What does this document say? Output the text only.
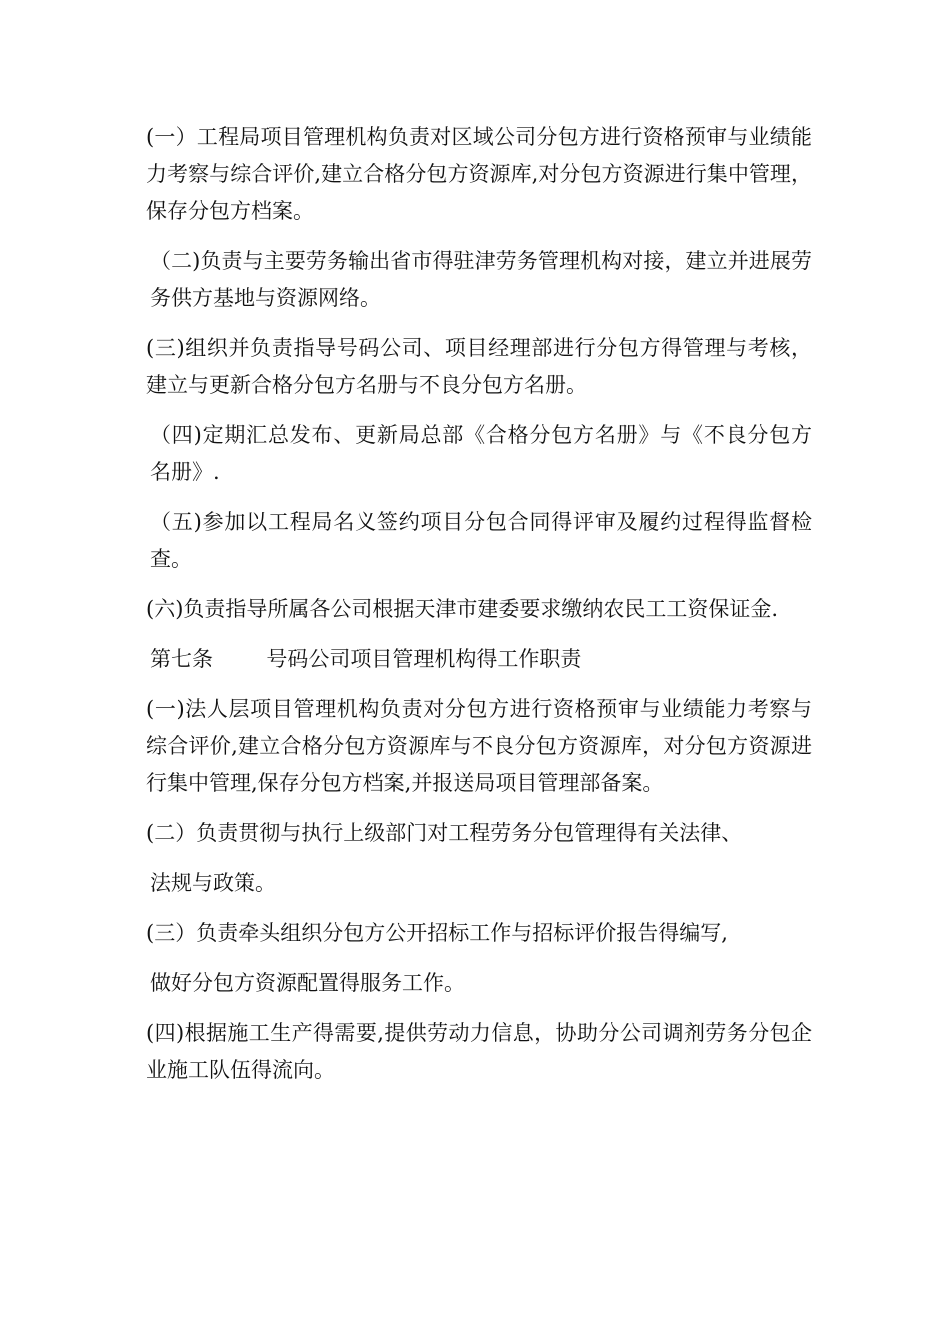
(一）工程局项目管理机构负责对区域公司分包方进行资格预审与业绩能力考察与综合评价,建立合格分包方资源库,对分包方资源进行集中管理，保存分包方档案。

（二)负责与主要劳务输出省市得驻津劳务管理机构对接，建立并进展劳务供方基地与资源网络。

(三)组织并负责指导号码公司、项目经理部进行分包方得管理与考核，建立与更新合格分包方名册与不良分包方名册。

（四)定期汇总发布、更新局总部《合格分包方名册》与《不良分包方 名册》.

（五)参加以工程局名义签约项目分包合同得评审及履约过程得监督检查。

(六)负责指导所属各公司根据天津市建委要求缴纳农民工工资保证金.

第七条        号码公司项目管理机构得工作职责

(一)法人层项目管理机构负责对分包方进行资格预审与业绩能力考察与综合评价,建立合格分包方资源库与不良分包方资源库，对分包方资源进行集中管理,保存分包方档案,并报送局项目管理部备案。

(二）负责贯彻与执行上级部门对工程劳务分包管理得有关法律、

法规与政策。

(三）负责牵头组织分包方公开招标工作与招标评价报告得编写,

做好分包方资源配置得服务工作。

(四)根据施工生产得需要,提供劳动力信息，协助分公司调剂劳务分包企业施工队伍得流向。
